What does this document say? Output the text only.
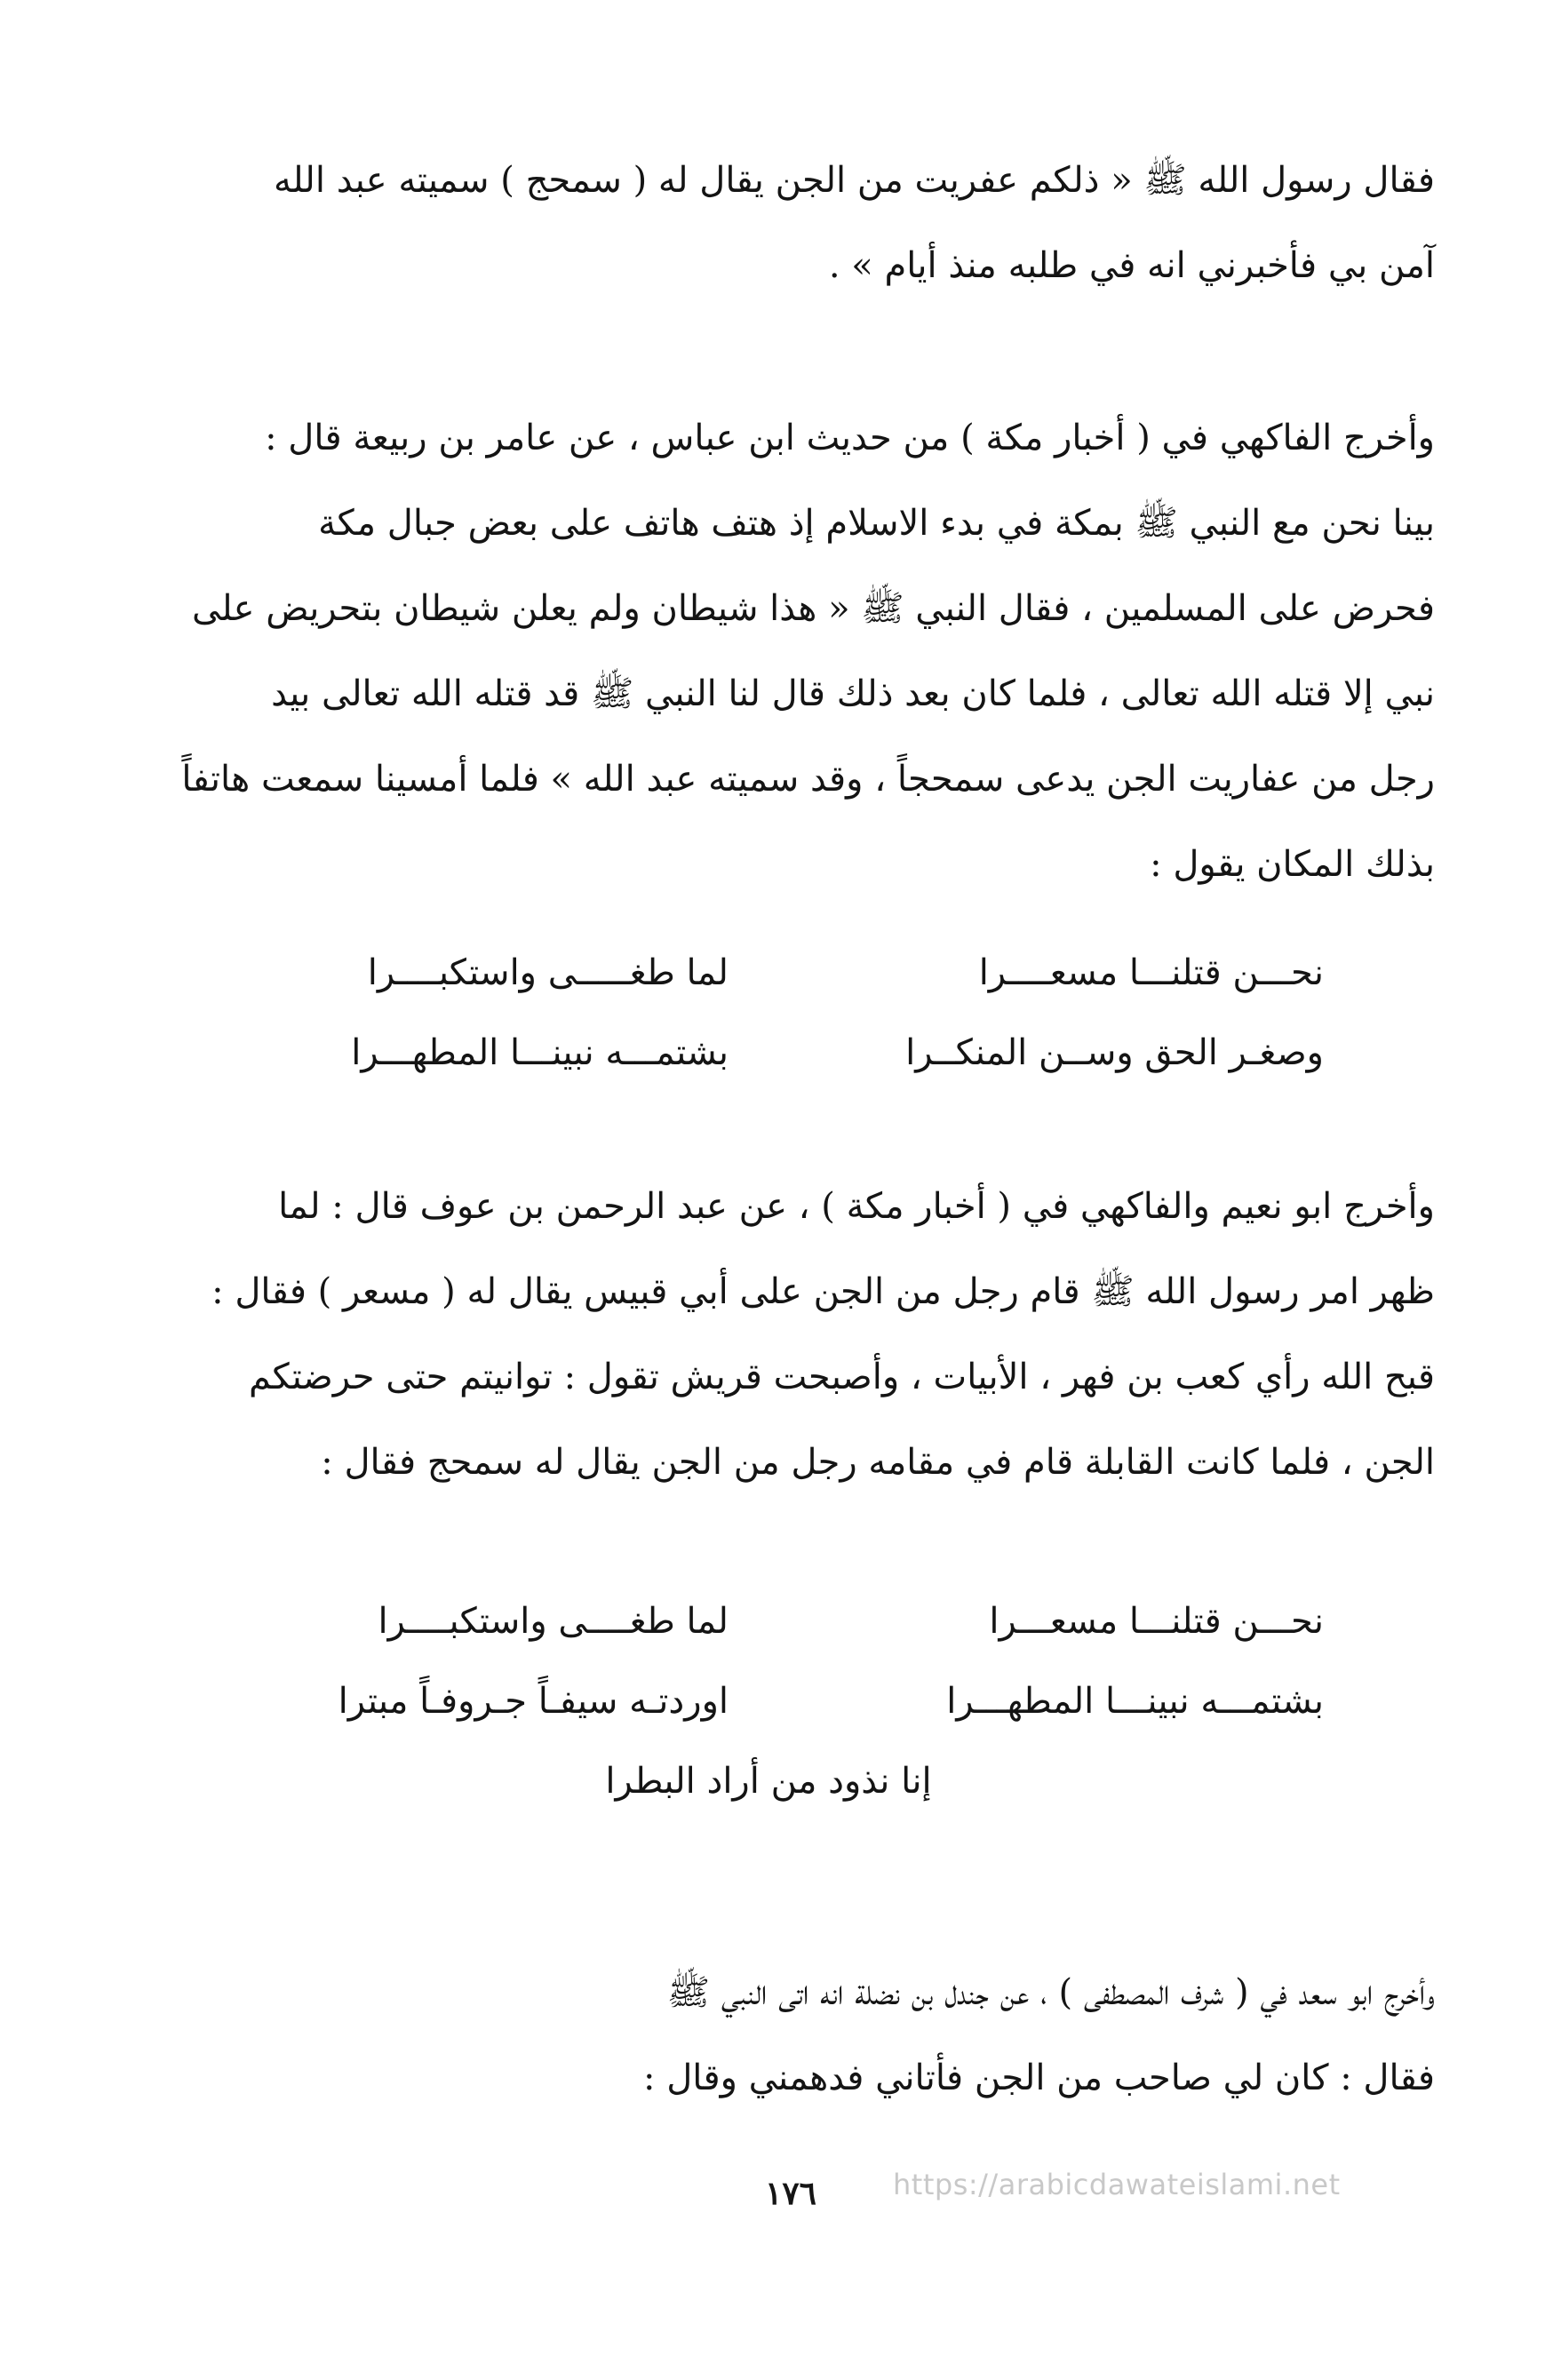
فقال رسول الله ﷺ « ذلكم عفريت من الجن يقال له ( سمحج ) سميته عبد الله
آمن بي فأخبرني انه في طلبه منذ أيام » .
وأخرج الفاكهي في ( أخبار مكة ) من حديث ابن عباس ، عن عامر بن ربيعة قال :
بينا نحن مع النبي ﷺ بمكة في بدء الاسلام إذ هتف هاتف على بعض جبال مكة
فحرض على المسلمين ، فقال النبي ﷺ « هذا شيطان ولم يعلن شيطان بتحريض على
نبي إلا قتله الله تعالى ، فلما كان بعد ذلك قال لنا النبي ﷺ قد قتله الله تعالى بيد
رجل من عفاريت الجن يدعى سمحجاً ، وقد سميته عبد الله » فلما أمسينا سمعت هاتفاً
بذلك المكان يقول :
نحـــن قتلنـــا مسعــــرا
لما طغـــــى واستكبــــرا
وصغـر الحق وســن المنكــرا
بشتمـــه نبينـــا المطهـــرا
وأخرج ابو نعيم والفاكهي في ( أخبار مكة ) ، عن عبد الرحمن بن عوف قال : لما
ظهر امر رسول الله ﷺ قام رجل من الجن على أبي قبيس يقال له ( مسعر ) فقال :
قبح الله رأي كعب بن فهر ، الأبيات ، وأصبحت قريش تقول : توانيتم حتى حرضتكم
الجن ، فلما كانت القابلة قام في مقامه رجل من الجن يقال له سمحج فقال :
نحـــن قتلنـــا مسعـــرا
لما طغــــى واستكبــــرا
بشتمـــه نبينـــا المطهـــرا
اوردتـه سيفـاً جـروفـاً مبترا
إنا نذود من أراد البطرا
وأخرج ابو سعد في ( شرف المصطفى ) ، عن جندل بن نضلة انه اتى النبي ﷺ
فقال : كان لي صاحب من الجن فأتاني فدهمني وقال :
١٧٦	https://arabicdawateislami.net
